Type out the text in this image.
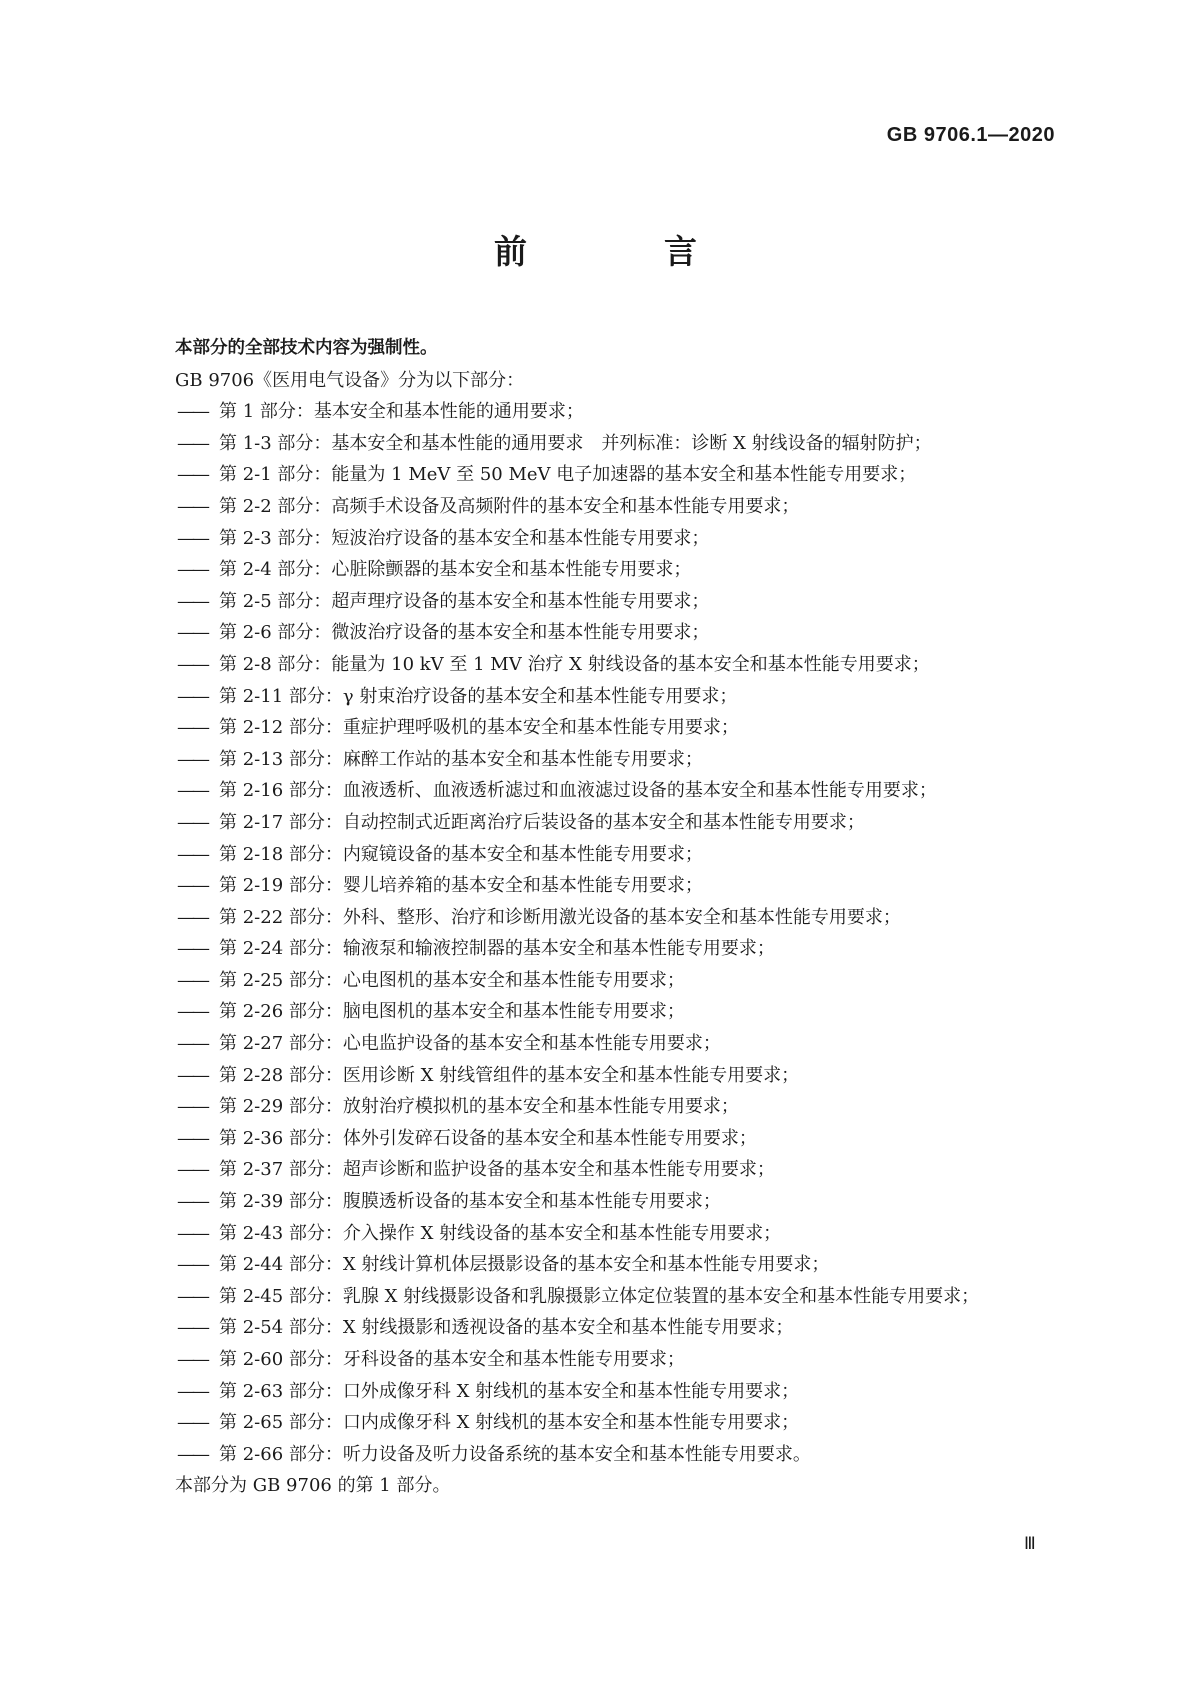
GB 9706.1—2020
前　言
本部分的全部技术内容为强制性。
GB 9706《医用电气设备》分为以下部分：
—— 第 1 部分：基本安全和基本性能的通用要求；
—— 第 1-3 部分：基本安全和基本性能的通用要求　并列标准：诊断 X 射线设备的辐射防护；
—— 第 2-1 部分：能量为 1 MeV 至 50 MeV 电子加速器的基本安全和基本性能专用要求；
—— 第 2-2 部分：高频手术设备及高频附件的基本安全和基本性能专用要求；
—— 第 2-3 部分：短波治疗设备的基本安全和基本性能专用要求；
—— 第 2-4 部分：心脏除颤器的基本安全和基本性能专用要求；
—— 第 2-5 部分：超声理疗设备的基本安全和基本性能专用要求；
—— 第 2-6 部分：微波治疗设备的基本安全和基本性能专用要求；
—— 第 2-8 部分：能量为 10 kV 至 1 MV 治疗 X 射线设备的基本安全和基本性能专用要求；
—— 第 2-11 部分：γ 射束治疗设备的基本安全和基本性能专用要求；
—— 第 2-12 部分：重症护理呼吸机的基本安全和基本性能专用要求；
—— 第 2-13 部分：麻醉工作站的基本安全和基本性能专用要求；
—— 第 2-16 部分：血液透析、血液透析滤过和血液滤过设备的基本安全和基本性能专用要求；
—— 第 2-17 部分：自动控制式近距离治疗后装设备的基本安全和基本性能专用要求；
—— 第 2-18 部分：内窥镜设备的基本安全和基本性能专用要求；
—— 第 2-19 部分：婴儿培养箱的基本安全和基本性能专用要求；
—— 第 2-22 部分：外科、整形、治疗和诊断用激光设备的基本安全和基本性能专用要求；
—— 第 2-24 部分：输液泵和输液控制器的基本安全和基本性能专用要求；
—— 第 2-25 部分：心电图机的基本安全和基本性能专用要求；
—— 第 2-26 部分：脑电图机的基本安全和基本性能专用要求；
—— 第 2-27 部分：心电监护设备的基本安全和基本性能专用要求；
—— 第 2-28 部分：医用诊断 X 射线管组件的基本安全和基本性能专用要求；
—— 第 2-29 部分：放射治疗模拟机的基本安全和基本性能专用要求；
—— 第 2-36 部分：体外引发碎石设备的基本安全和基本性能专用要求；
—— 第 2-37 部分：超声诊断和监护设备的基本安全和基本性能专用要求；
—— 第 2-39 部分：腹膜透析设备的基本安全和基本性能专用要求；
—— 第 2-43 部分：介入操作 X 射线设备的基本安全和基本性能专用要求；
—— 第 2-44 部分：X 射线计算机体层摄影设备的基本安全和基本性能专用要求；
—— 第 2-45 部分：乳腺 X 射线摄影设备和乳腺摄影立体定位装置的基本安全和基本性能专用要求；
—— 第 2-54 部分：X 射线摄影和透视设备的基本安全和基本性能专用要求；
—— 第 2-60 部分：牙科设备的基本安全和基本性能专用要求；
—— 第 2-63 部分：口外成像牙科 X 射线机的基本安全和基本性能专用要求；
—— 第 2-65 部分：口内成像牙科 X 射线机的基本安全和基本性能专用要求；
—— 第 2-66 部分：听力设备及听力设备系统的基本安全和基本性能专用要求。
本部分为 GB 9706 的第 1 部分。
Ⅲ
